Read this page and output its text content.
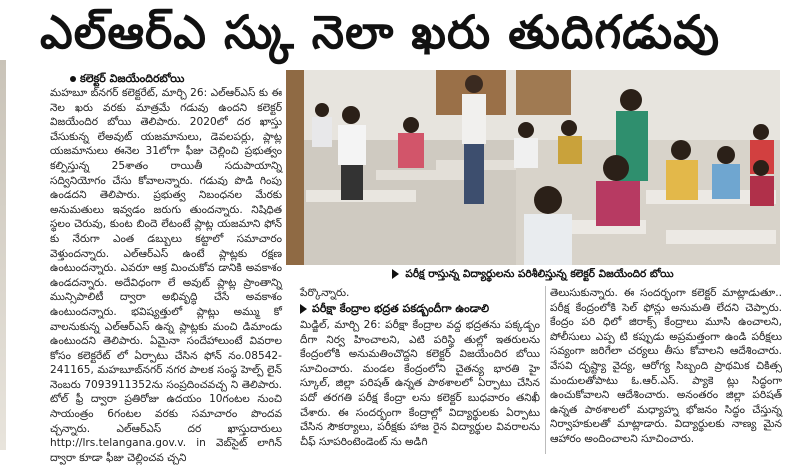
ఎల్ఆర్ఎ స్కు నెలా ఖరు తుదిగడువు
కలెక్టర్ విజయేందిరబోయి

మహబూ బ్‌నగర్ కలెక్టరేట్, మార్చి 26: ఎల్ఆర్ఎస్ కు ఈ నెల ఖరు వరకు మాత్రమే గడువు ఉందని కలెక్టర్ విజయేందిర బోయి తెలిపారు. 2020లో దర ఖాస్తు చేసుకున్న లేఅవుట్ యజమానులు, డెవలపర్లు, ప్లాట్ల యజమానులు ఈనెల 31లోగా ఫీజు చెల్లించి ప్రభుత్వం కల్పిస్తున్న 25శాతం రాయితీ సదుపాయాన్ని సద్వినియోగం చేసు కోవాలన్నారు. గడువు పొడి గింపు ఉండదని తెలిపారు. ప్రభుత్వ నిబంధనల మేరకు అనుమతులు ఇవ్వడం జరుగు తుందన్నారు. నిషిధిత స్థలం చెరువు, కుంట బిందె లేటంటే ప్లాట్ల యజమాని ఫోన్ కు నేరుగా ఎంత డబ్బులు కట్టాలో సమాచారం వెళ్తుందన్నారు. ఎల్ఆర్ఎస్ ఉంటే ప్లాట్లకు రక్షణ ఉంటుందన్నారు. ఎవరూ ఆక్ర మించుకోవ డానికి అవకాశం ఉండదన్నారు. అదేవిధంగా లే అవుట్ ప్లాట్ల ప్రాంతాన్ని మున్సిపాలిటీ ద్వారా అభివృద్ధి చేసే అవకాశం ఉంటుందన్నారు. భవిష్యత్తులో ప్లాట్లు అమ్ము కో వాలనుకున్న ఎల్ఆర్ఎస్ ఉన్న ప్లాట్లకు మంచి డిమాండు ఉంటుందని తెలిపారు. ఏమైనా సందేహాలుంటే వివరాల కోసం కలెక్టరేట్ లో ఏర్పాటు చేసిన ఫోన్ నం.08542-241165, మహబూబ్‌నగర్ నగర పాలక సంస్థ హెల్ప్ లైన్ నెంబరు 7093911352ను సంప్రదించవచ్చ ని తెలిపారు. టోల్ ఫ్రీ ద్వారా ప్రతిరోజు ఉదయం 10గంటల నుంచి సాయంత్రం 6గంటల వరకు సమాచారం పొందవ చ్చన్నారు. ఎల్ఆర్ఎస్ దర ఖాస్తుదారులు http://lrs.telangana.gov.v. in వెబ్‌సైట్ లాగిన్ ద్వారా కూడా ఫీజు చెల్లించవ చ్చని

పరీక్ష రాస్తున్న విద్యార్థులను పరిశీలిస్తున్న కలెక్టర్ విజయేందిర బోయి

పేర్కొన్నారు.

పరీక్షా కేంద్రాల భద్రత పకడ్బందీగా ఉండాలి

మిడ్జిల్, మార్చి 26: పరీక్షా కేంద్రాల వద్ద భద్రతను పక్కడ్బం దీగా నిర్వ హించాలని, ఎటి పరిస్థి తుల్లో ఇతరులను కేంద్రంలోకి అనుమతించొద్దని కలెక్టర్ విజయేందిర బోయి సూచించారు. మండల కేంద్రంలోని చైతన్య భారతి హై స్కూల్, జిల్లా పరిషత్ ఉన్నత పాఠశాలలో ఏర్పాటు చేసిన పదో తరగతి పరీక్ష కేంద్రా లను కలెక్టర్ బుధవారం తనిఖీ చేశారు. ఈ సందర్భంగా కేంద్రాల్లో విద్యార్థులకు ఏర్పాటు చేసిన సౌకర్యాలు, పరీక్షకు హాజ రైన విద్యార్థుల వివరాలను చీఫ్ సూపరింటెండెంట్ ను అడిగి

తెలుసుకున్నారు. ఈ సందర్భంగా కలెక్టర్ మాట్లాడుతూ.. పరీక్ష కేంద్రంలోకి సెల్ ఫోన్లు అనుమతి లేదని చెప్పారు. కేంద్రం పరి ధిలో జిరాక్స్ కేంద్రాలు మూసి ఉంచాలని, పోలీసులు ఎప్ప టి కప్పుడు అప్రమత్తంగా ఉండి పరీక్షలు సవ్యంగా జరిగేలా చర్యలు తీసు కోవాలని ఆదేశించారు. వేసవి దృష్ట్యా వైద్య, ఆరోగ్య సిబ్బంది ప్రాథమిక చికిత్స మందులతోపాటు ఓ.ఆర్.ఎస్. ప్యాకె ట్లు సిద్ధంగా ఉంచుకోవాలని ఆదేశించారు. అనంతరం జిల్లా పరిషత్ ఉన్నత పాఠశాలలో మధ్యాహ్న భోజనం సిద్ధం చేస్తున్న నిర్వాహకులతో మాట్లాడారు. విద్యార్థులకు నాణ్య మైన ఆహారం అందించాలని సూచించారు.
